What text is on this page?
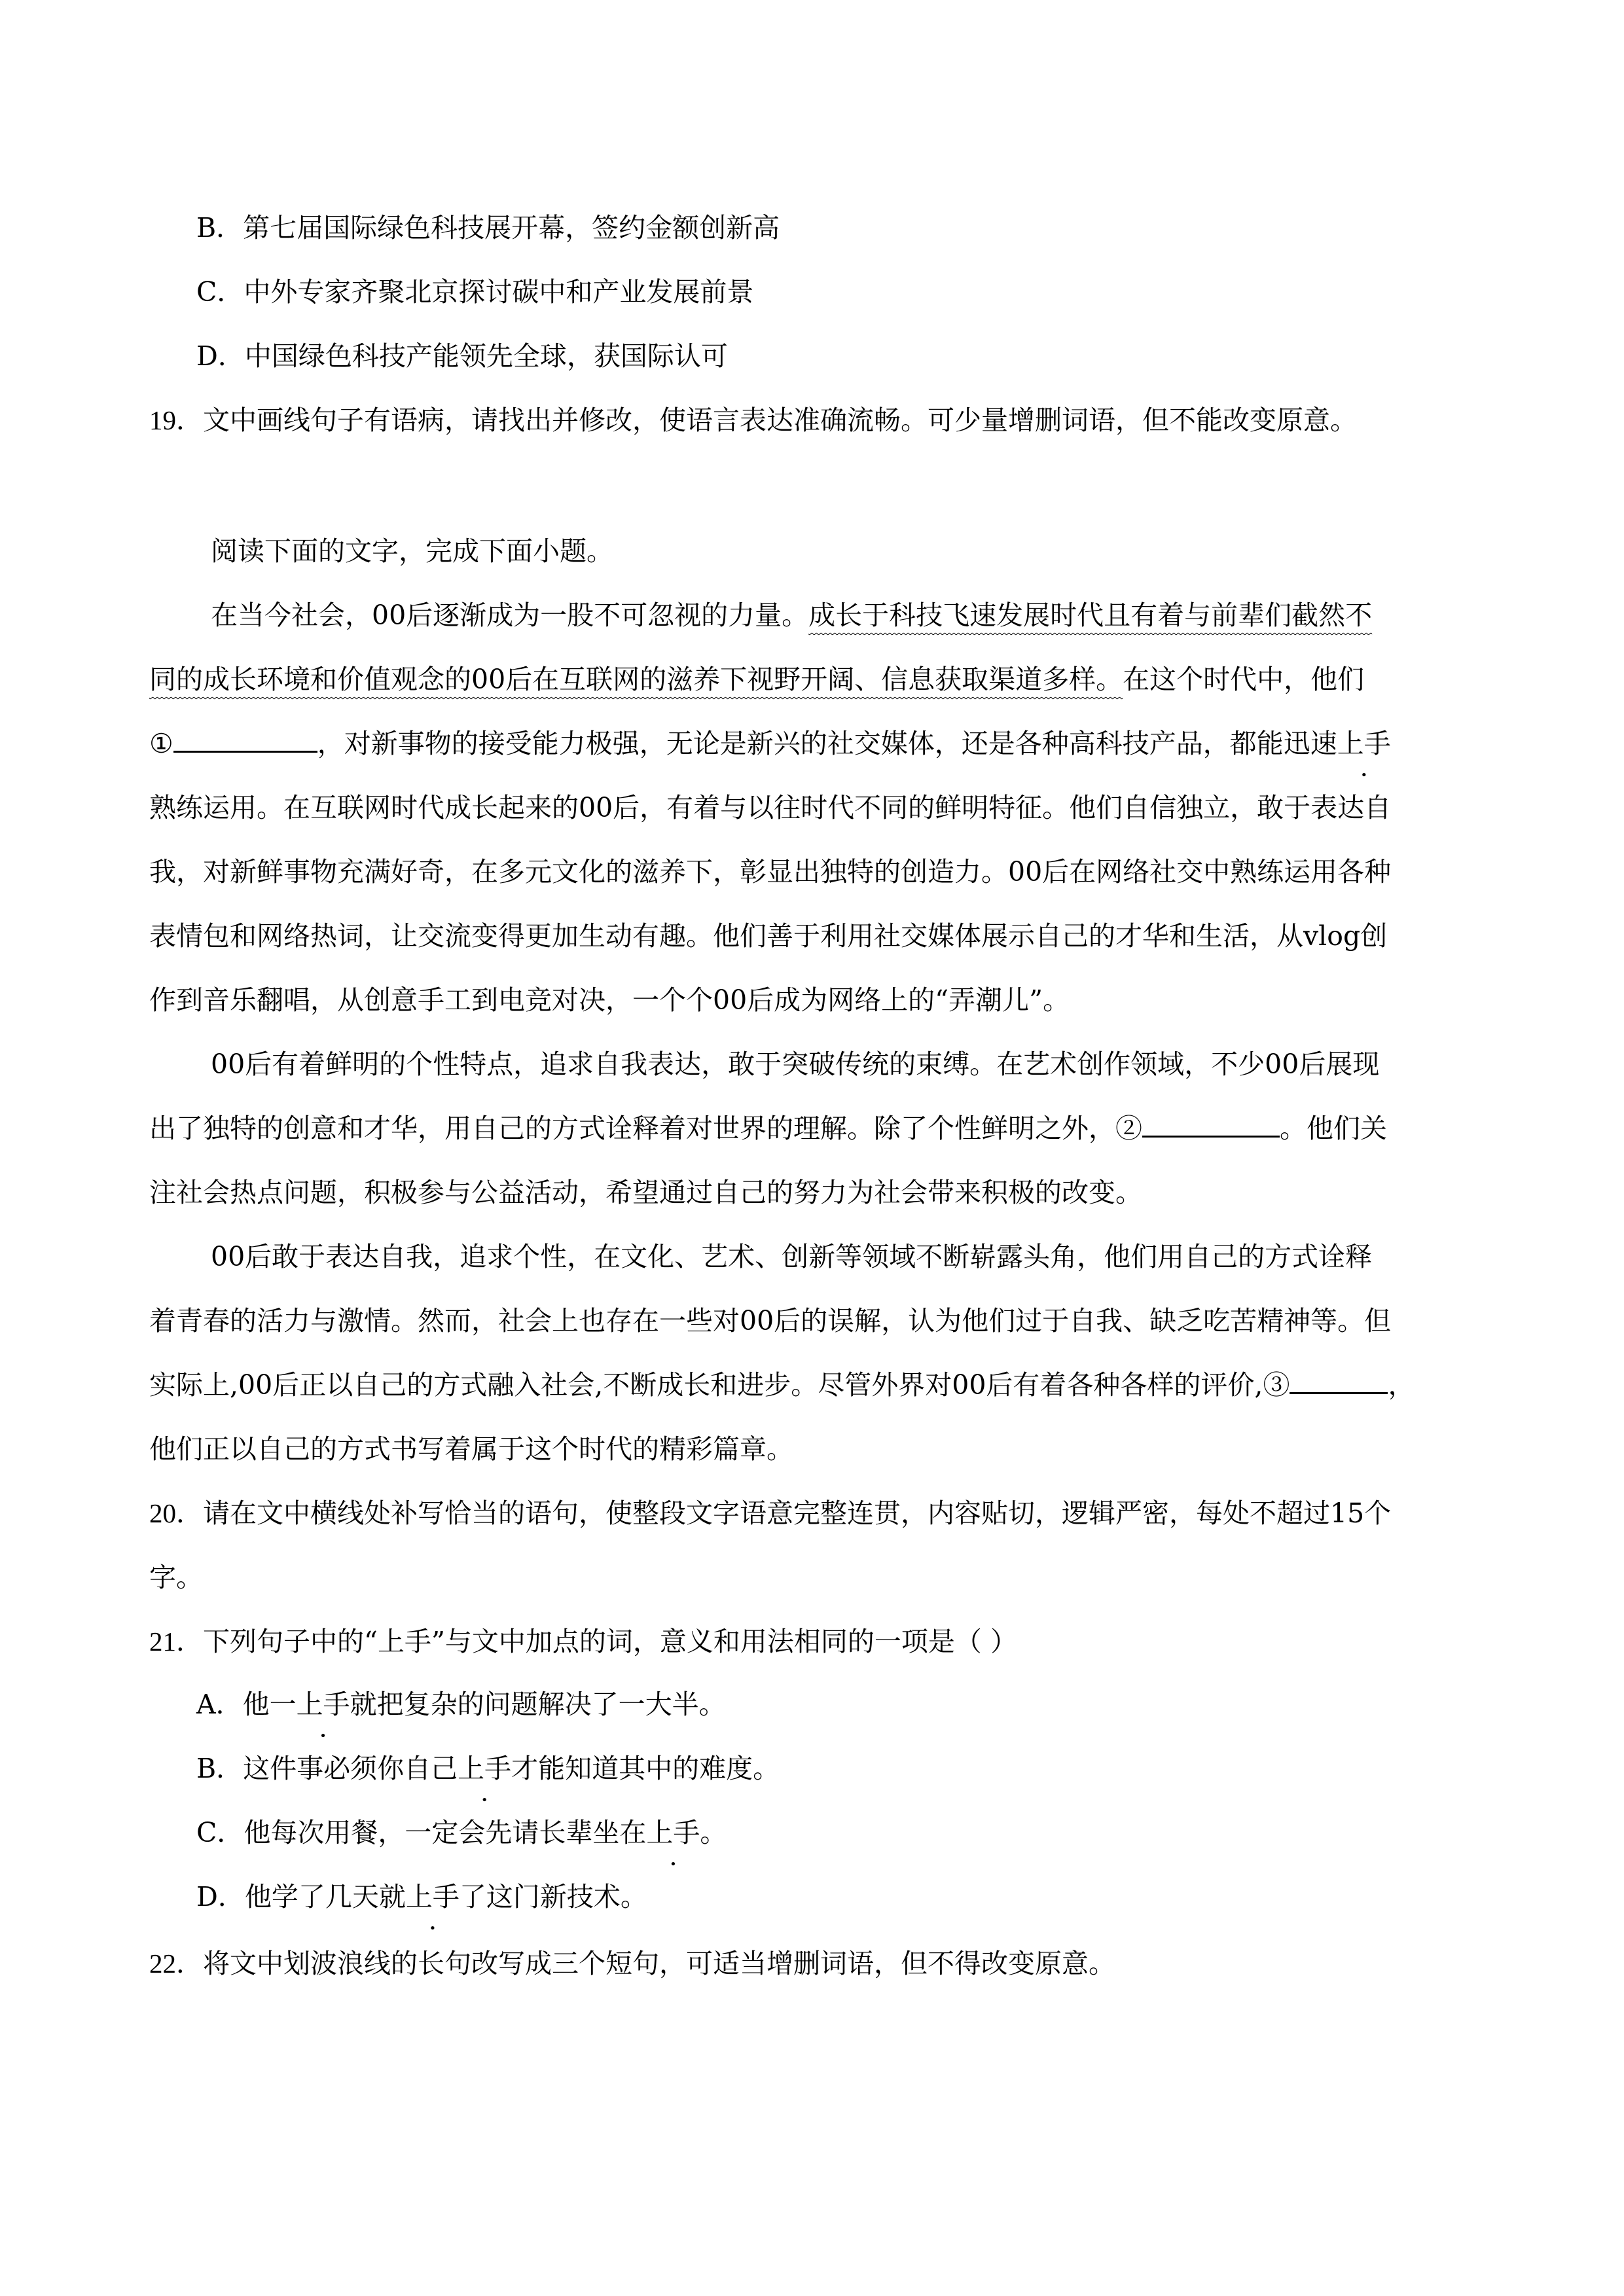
B．第七届国际绿色科技展开幕，签约金额创新高
C．中外专家齐聚北京探讨碳中和产业发展前景
D．中国绿色科技产能领先全球，获国际认可
19．文中画线句子有语病，请找出并修改，使语言表达准确流畅。可少量增删词语，但不能改变原意。
阅读下面的文字，完成下面小题。
在当今社会，00后逐渐成为一股不可忽视的力量。成长于科技飞速发展时代且有着与前辈们截然不
同的成长环境和价值观念的00后在互联网的滋养下视野开阔、信息获取渠道多样。在这个时代中，他们
①	，对新事物的接受能力极强，无论是新兴的社交媒体，还是各种高科技产品，都能迅速上手
熟练运用。在互联网时代成长起来的00后，有着与以往时代不同的鲜明特征。他们自信独立，敢于表达自
我，对新鲜事物充满好奇，在多元文化的滋养下，彰显出独特的创造力。00后在网络社交中熟练运用各种
表情包和网络热词，让交流变得更加生动有趣。他们善于利用社交媒体展示自己的才华和生活，从vlog创
作到音乐翻唱，从创意手工到电竞对决，一个个00后成为网络上的“弄潮儿”。
00后有着鲜明的个性特点，追求自我表达，敢于突破传统的束缚。在艺术创作领域，不少00后展现
出了独特的创意和才华，用自己的方式诠释着对世界的理解。除了个性鲜明之外，②	。他们关
注社会热点问题，积极参与公益活动，希望通过自己的努力为社会带来积极的改变。
00后敢于表达自我，追求个性，在文化、艺术、创新等领域不断崭露头角，他们用自己的方式诠释
着青春的活力与激情。然而，社会上也存在一些对00后的误解，认为他们过于自我、缺乏吃苦精神等。但
实际上,00后正以自己的方式融入社会,不断成长和进步。尽管外界对00后有着各种各样的评价,③	，
他们正以自己的方式书写着属于这个时代的精彩篇章。
20．请在文中横线处补写恰当的语句，使整段文字语意完整连贯，内容贴切，逻辑严密，每处不超过15个
字。
21．下列句子中的“上手”与文中加点的词，意义和用法相同的一项是（ ）
A．他一上手就把复杂的问题解决了一大半。
B．这件事必须你自己上手才能知道其中的难度。
C．他每次用餐，一定会先请长辈坐在上手。
D．他学了几天就上手了这门新技术。
22．将文中划波浪线的长句改写成三个短句，可适当增删词语，但不得改变原意。
